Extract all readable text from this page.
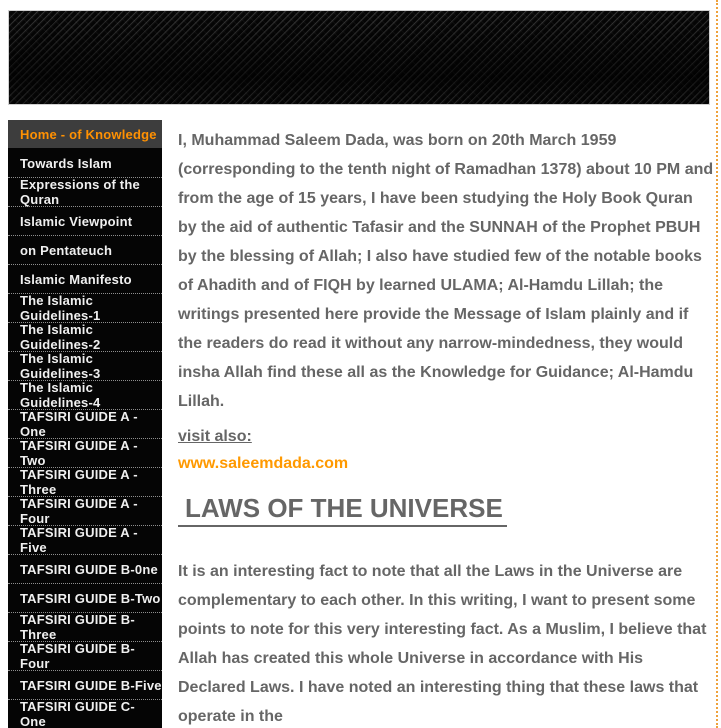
Home - of Knowledge
Towards Islam
Expressions of the Quran
Islamic Viewpoint
on Pentateuch
Islamic Manifesto
The Islamic Guidelines-1
The Islamic Guidelines-2
The Islamic Guidelines-3
The Islamic Guidelines-4
TAFSIRI GUIDE A - One
TAFSIRI GUIDE A - Two
TAFSIRI GUIDE A - Three
TAFSIRI GUIDE A - Four
TAFSIRI GUIDE A - Five
TAFSIRI GUIDE B-0ne
TAFSIRI GUIDE B-Two
TAFSIRI GUIDE B-Three
TAFSIRI GUIDE B-Four
TAFSIRI GUIDE B-Five
TAFSIRI GUIDE C- One

I, Muhammad Saleem Dada, was born on 20th March 1959 (corresponding to the tenth night of Ramadhan 1378) about 10 PM and from the age of 15 years, I have been studying the Holy Book Quran by the aid of authentic Tafasir and the SUNNAH of the Prophet PBUH by the blessing of Allah; I also have studied few of the notable books of Ahadith and of FIQH by learned ULAMA; Al-Hamdu Lillah; the writings presented here provide the Message of Islam plainly and if the readers do read it without any narrow-mindedness, they would insha Allah find these all as the Knowledge for Guidance; Al-Hamdu Lillah.

visit also:
www.saleemdada.com
LAWS OF THE UNIVERSE

It is an interesting fact to note that all the Laws in the Universe are complementary to each other. In this writing, I want to present some points to note for this very interesting fact. As a Muslim, I believe that Allah has created this whole Universe in accordance with His Declared Laws. I have noted an interesting thing that these laws that operate in the
